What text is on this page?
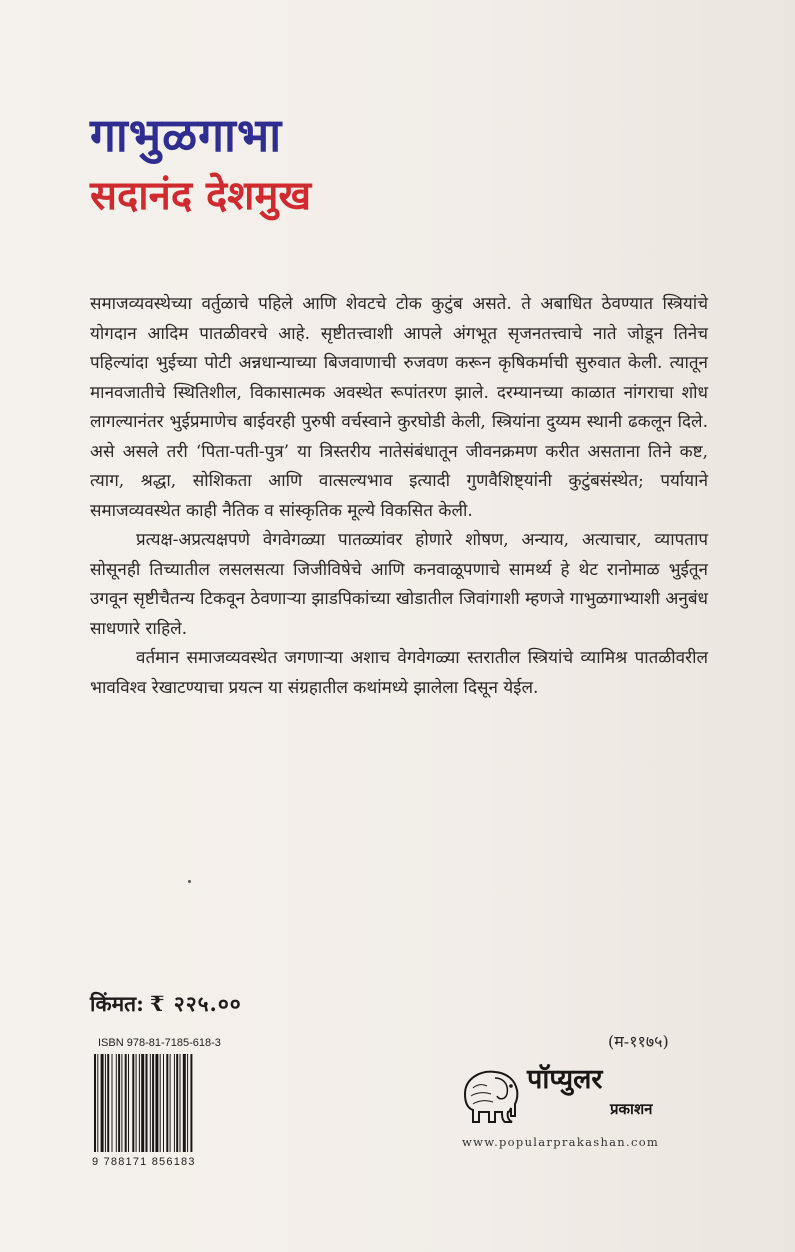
गाभुळगाभा
सदानंद देशमुख

समाजव्यवस्थेच्या वर्तुळाचे पहिले आणि शेवटचे टोक कुटुंब असते. ते अबाधित ठेवण्यात स्त्रियांचे योगदान आदिम पातळीवरचे आहे. सृष्टीतत्त्वाशी आपले अंगभूत सृजनतत्त्वाचे नाते जोडून तिनेच पहिल्यांदा भुईच्या पोटी अन्नधान्याच्या बिजवाणाची रुजवण करून कृषिकर्माची सुरुवात केली. त्यातून मानवजातीचे स्थितिशील, विकासात्मक अवस्थेत रूपांतरण झाले. दरम्यानच्या काळात नांगराचा शोध लागल्यानंतर भुईप्रमाणेच बाईवरही पुरुषी वर्चस्वाने कुरघोडी केली, स्त्रियांना दुय्यम स्थानी ढकलून दिले. असे असले तरी ‘पिता-पती-पुत्र’ या त्रिस्तरीय नातेसंबंधातून जीवनक्रमण करीत असताना तिने कष्ट, त्याग, श्रद्धा, सोशिकता आणि वात्सल्यभाव इत्यादी गुणवैशिष्ट्यांनी कुटुंबसंस्थेत; पर्यायाने समाजव्यवस्थेत काही नैतिक व सांस्कृतिक मूल्ये विकसित केली.

प्रत्यक्ष-अप्रत्यक्षपणे वेगवेगळ्या पातळ्यांवर होणारे शोषण, अन्याय, अत्याचार, व्यापताप सोसूनही तिच्यातील लसलसत्या जिजीविषेचे आणि कनवाळूपणाचे सामर्थ्य हे थेट रानोमाळ भुईतून उगवून सृष्टीचैतन्य टिकवून ठेवणाऱ्या झाडपिकांच्या खोडातील जिवांगाशी म्हणजे गाभुळगाभ्याशी अनुबंध साधणारे राहिले.

वर्तमान समाजव्यवस्थेत जगणाऱ्या अशाच वेगवेगळ्या स्तरातील स्त्रियांचे व्यामिश्र पातळीवरील भावविश्व रेखाटण्याचा प्रयत्न या संग्रहातील कथांमध्ये झालेला दिसून येईल.

किंमत: ₹ २२५.००
(म-११७५)
ISBN 978-81-7185-618-3
9 788171 856183
पॉप्युलर
प्रकाशन
www.popularprakashan.com
